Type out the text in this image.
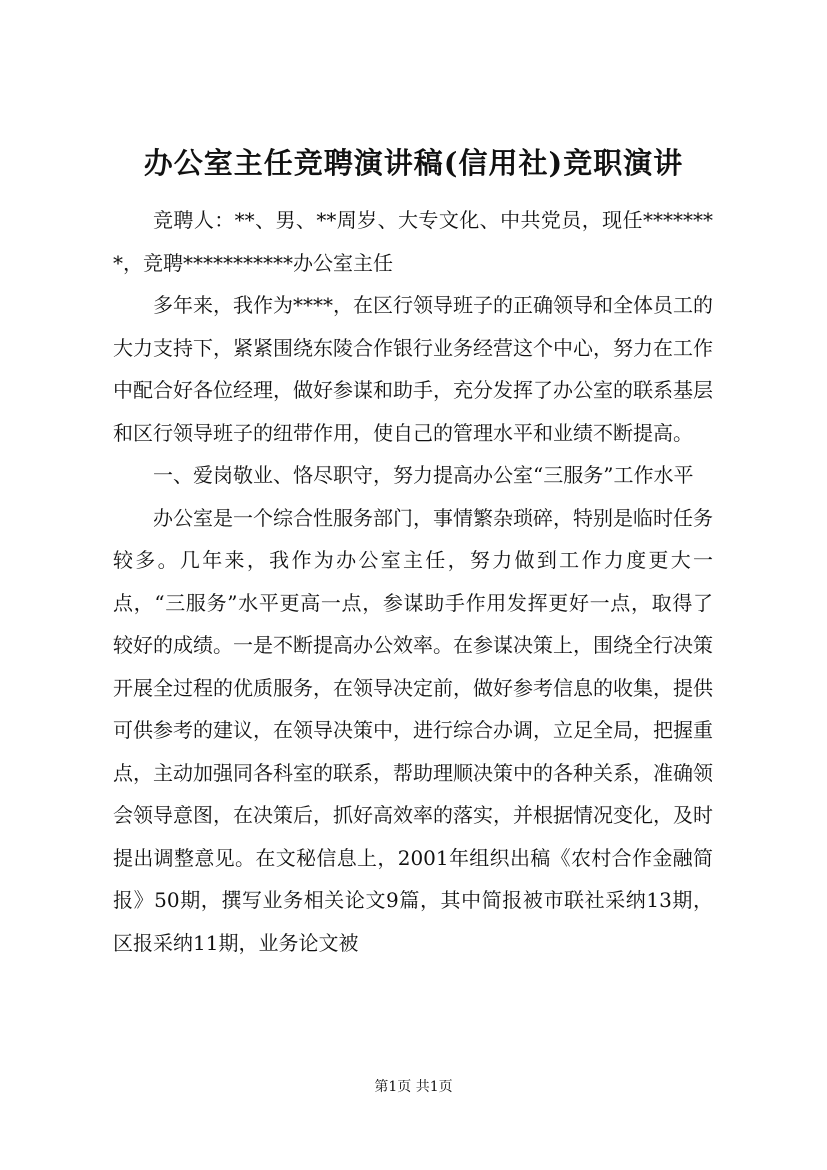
办公室主任竞聘演讲稿(信用社)竞职演讲

竞聘人：**、男、**周岁、大专文化、中共党员，现任********，竞聘***********办公室主任

多年来，我作为****，在区行领导班子的正确领导和全体员工的大力支持下，紧紧围绕东陵合作银行业务经营这个中心，努力在工作中配合好各位经理，做好参谋和助手，充分发挥了办公室的联系基层和区行领导班子的纽带作用，使自己的管理水平和业绩不断提高。

一、爱岗敬业、恪尽职守，努力提高办公室“三服务”工作水平

办公室是一个综合性服务部门，事情繁杂琐碎，特别是临时任务较多。几年来，我作为办公室主任，努力做到工作力度更大一点，“三服务”水平更高一点，参谋助手作用发挥更好一点，取得了较好的成绩。一是不断提高办公效率。在参谋决策上，围绕全行决策开展全过程的优质服务，在领导决定前，做好参考信息的收集，提供可供参考的建议，在领导决策中，进行综合办调，立足全局，把握重点，主动加强同各科室的联系，帮助理顺决策中的各种关系，准确领会领导意图，在决策后，抓好高效率的落实，并根据情况变化，及时提出调整意见。在文秘信息上，2001年组织出稿《农村合作金融简报》50期，撰写业务相关论文9篇，其中简报被市联社采纳13期，区报采纳11期，业务论文被

第1页 共1页
